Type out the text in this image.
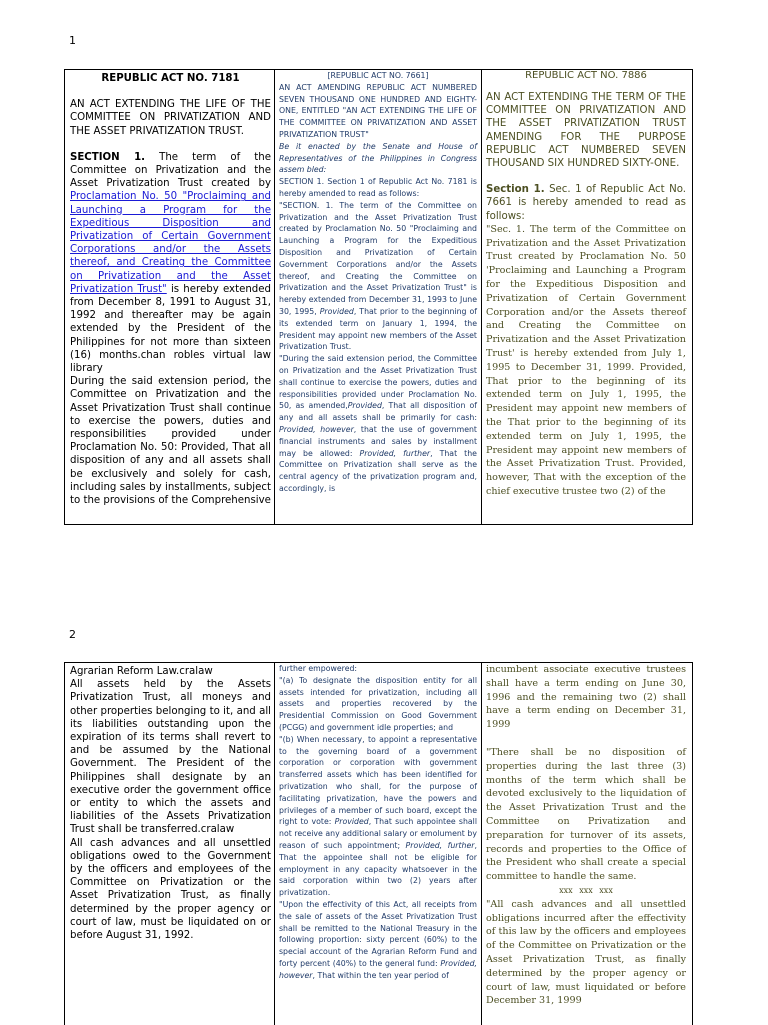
1

REPUBLIC ACT NO. 7181

AN ACT EXTENDING THE LIFE OF THE COMMITTEE ON PRIVATIZATION AND THE ASSET PRIVATIZATION TRUST.

SECTION 1. The term of the Committee on Privatization and the Asset Privatization Trust created by Proclamation No. 50 "Proclaiming and Launching a Program for the Expeditious Disposition and Privatization of Certain Government Corporations and/or the Assets thereof, and Creating the Committee on Privatization and the Asset Privatization Trust" is hereby extended from December 8, 1991 to August 31, 1992 and thereafter may be again extended by the President of the Philippines for not more than sixteen (16) months.chan robles virtual law library

During the said extension period, the Committee on Privatization and the Asset Privatization Trust shall continue to exercise the powers, duties and responsibilities provided under Proclamation No. 50: Provided, That all disposition of any and all assets shall be exclusively and solely for cash, including sales by installments, subject to the provisions of the Comprehensive

[REPUBLIC ACT NO. 7661]

AN ACT AMENDING REPUBLIC ACT NUMBERED SEVEN THOUSAND ONE HUNDRED AND EIGHTY-ONE, ENTITLED "AN ACT EXTENDING THE LIFE OF THE COMMITTEE ON PRIVATIZATION AND ASSET PRIVATIZATION TRUST"

Be it enacted by the Senate and House of Representatives of the Philippines in Congress assem bled:

SECTION 1. Section 1 of Republic Act No. 7181 is hereby amended to read as follows:

"SECTION. 1. The term of the Committee on Privatization and the Asset Privatization Trust created by Proclamation No. 50 "Proclaiming and Launching a Program for the Expeditious Disposition and Privatization of Certain Government Corporations and/or the Assets thereof, and Creating the Committee on Privatization and the Asset Privatization Trust" is hereby extended from December 31, 1993 to June 30, 1995, Provided, That prior to the beginning of its extended term on January 1, 1994, the President may appoint new members of the Asset Privatization Trust.

"During the said extension period, the Committee on Privatization and the Asset Privatization Trust shall continue to exercise the powers, duties and responsibilities provided under Proclamation No. 50, as amended,Provided, That all disposition of any and all assets shall be primarily for cash: Provided, however, that the use of government financial instruments and sales by installment may be allowed: Provided, further, That the Committee on Privatization shall serve as the central agency of the privatization program and, accordingly, is

REPUBLIC ACT NO. 7886

AN ACT EXTENDING THE TERM OF THE COMMITTEE ON PRIVATIZATION AND THE ASSET PRIVATIZATION TRUST AMENDING FOR THE PURPOSE REPUBLIC ACT NUMBERED SEVEN THOUSAND SIX HUNDRED SIXTY-ONE.

Section 1. Sec. 1 of Republic Act No. 7661 is hereby amended to read as follows:

"Sec. 1. The term of the Committee on Privatization and the Asset Privatization Trust created by Proclamation No. 50 'Proclaiming and Launching a Program for the Expeditious Disposition and Privatization of Certain Government Corporation and/or the Assets thereof and Creating the Committee on Privatization and the Asset Privatization Trust' is hereby extended from July 1, 1995 to December 31, 1999. Provided, That prior to the beginning of its extended term on July 1, 1995, the President may appoint new members of the That prior to the beginning of its extended term on July 1, 1995, the President may appoint new members of the Asset Privatization Trust. Provided, however, That with the exception of the chief executive trustee two (2) of the

2

Agrarian Reform Law.cralaw

All assets held by the Assets Privatization Trust, all moneys and other properties belonging to it, and all its liabilities outstanding upon the expiration of its terms shall revert to and be assumed by the National Government. The President of the Philippines shall designate by an executive order the government office or entity to which the assets and liabilities of the Assets Privatization Trust shall be transferred.cralaw

All cash advances and all unsettled obligations owed to the Government by the officers and employees of the Committee on Privatization or the Asset Privatization Trust, as finally determined by the proper agency or court of law, must be liquidated on or before August 31, 1992.

further empowered:

"(a) To designate the disposition entity for all assets intended for privatization, including all assets and properties recovered by the Presidential Commission on Good Government (PCGG) and government idle properties; and

"(b) When necessary, to appoint a representative to the governing board of a government corporation or corporation with government transferred assets which has been identified for privatization who shall, for the purpose of facilitating privatization, have the powers and privileges of a member of such board, except the right to vote: Provided, That such appointee shall not receive any additional salary or emolument by reason of such appointment; Provided, further, That the appointee shall not be eligible for employment in any capacity whatsoever in the said corporation within two (2) years after privatization.

"Upon the effectivity of this Act, all receipts from the sale of assets of the Asset Privatization Trust shall be remitted to the National Treasury in the following proportion: sixty percent (60%) to the special account of the Agrarian Reform Fund and forty percent (40%) to the general fund: Provided, however, That within the ten year period of

incumbent associate executive trustees shall have a term ending on June 30, 1996 and the remaining two (2) shall have a term ending on December 31, 1999

"There shall be no disposition of properties during the last three (3) months of the term which shall be devoted exclusively to the liquidation of the Asset Privatization Trust and the Committee on Privatization and preparation for turnover of its assets, records and properties to the Office of the President who shall create a special committee to handle the same.

xxx xxx xxx

"All cash advances and all unsettled obligations incurred after the effectivity of this law by the officers and employees of the Committee on Privatization or the Asset Privatization Trust, as finally determined by the proper agency or court of law, must liquidated or before December 31, 1999
